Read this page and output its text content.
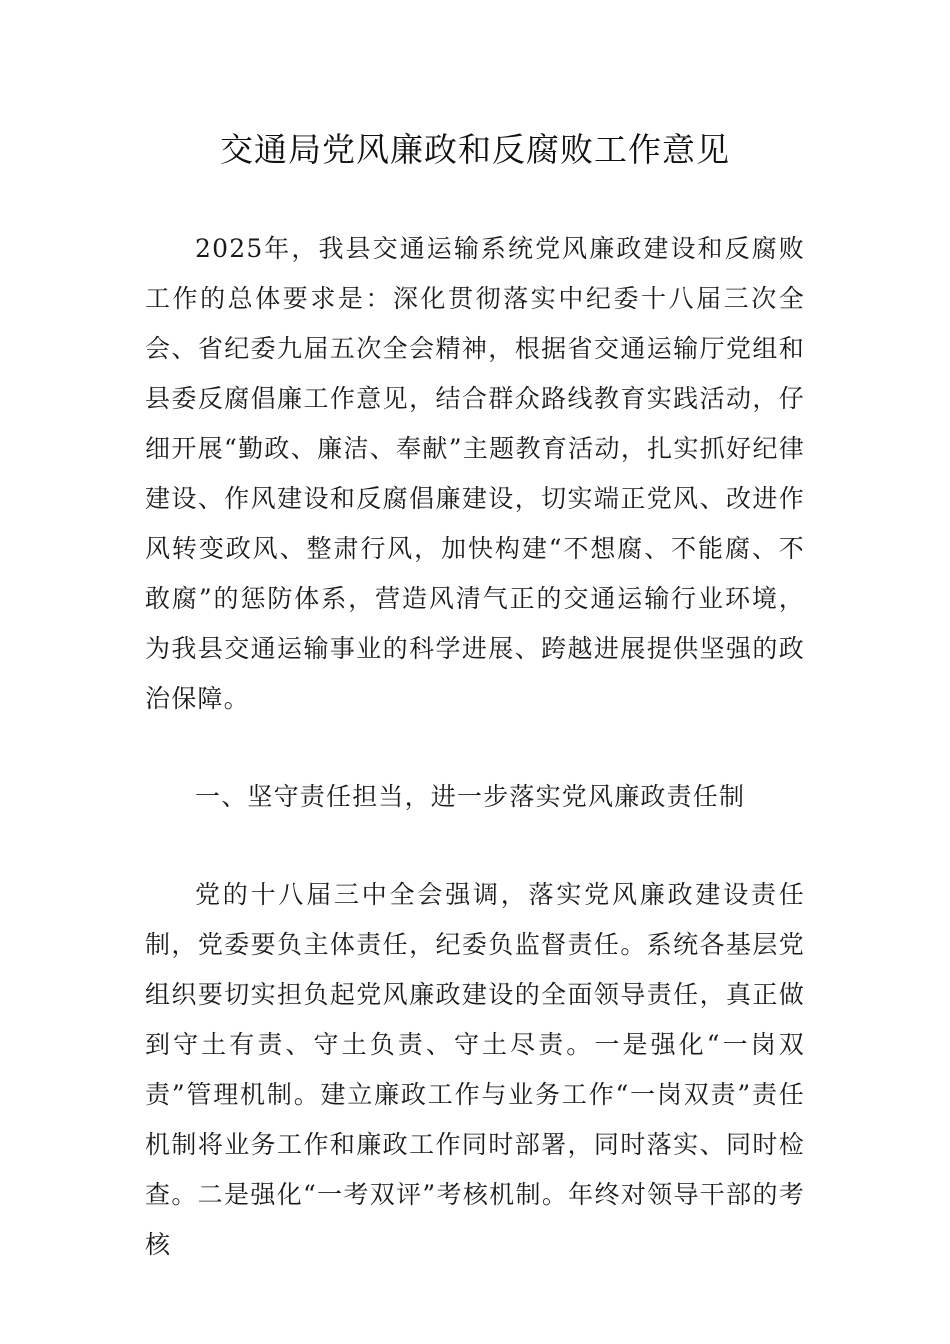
交通局党风廉政和反腐败工作意见

2025年，我县交通运输系统党风廉政建设和反腐败工作的总体要求是：深化贯彻落实中纪委十八届三次全会、省纪委九届五次全会精神，根据省交通运输厅党组和县委反腐倡廉工作意见，结合群众路线教育实践活动，仔细开展“勤政、廉洁、奉献”主题教育活动，扎实抓好纪律建设、作风建设和反腐倡廉建设，切实端正党风、改进作风转变政风、整肃行风，加快构建“不想腐、不能腐、不敢腐”的惩防体系，营造风清气正的交通运输行业环境，为我县交通运输事业的科学进展、跨越进展提供坚强的政治保障。

一、坚守责任担当，进一步落实党风廉政责任制

党的十八届三中全会强调，落实党风廉政建设责任制，党委要负主体责任，纪委负监督责任。系统各基层党组织要切实担负起党风廉政建设的全面领导责任，真正做到守土有责、守土负责、守土尽责。一是强化“一岗双责”管理机制。建立廉政工作与业务工作“一岗双责”责任机制将业务工作和廉政工作同时部署，同时落实、同时检查。二是强化“一考双评”考核机制。年终对领导干部的考核
